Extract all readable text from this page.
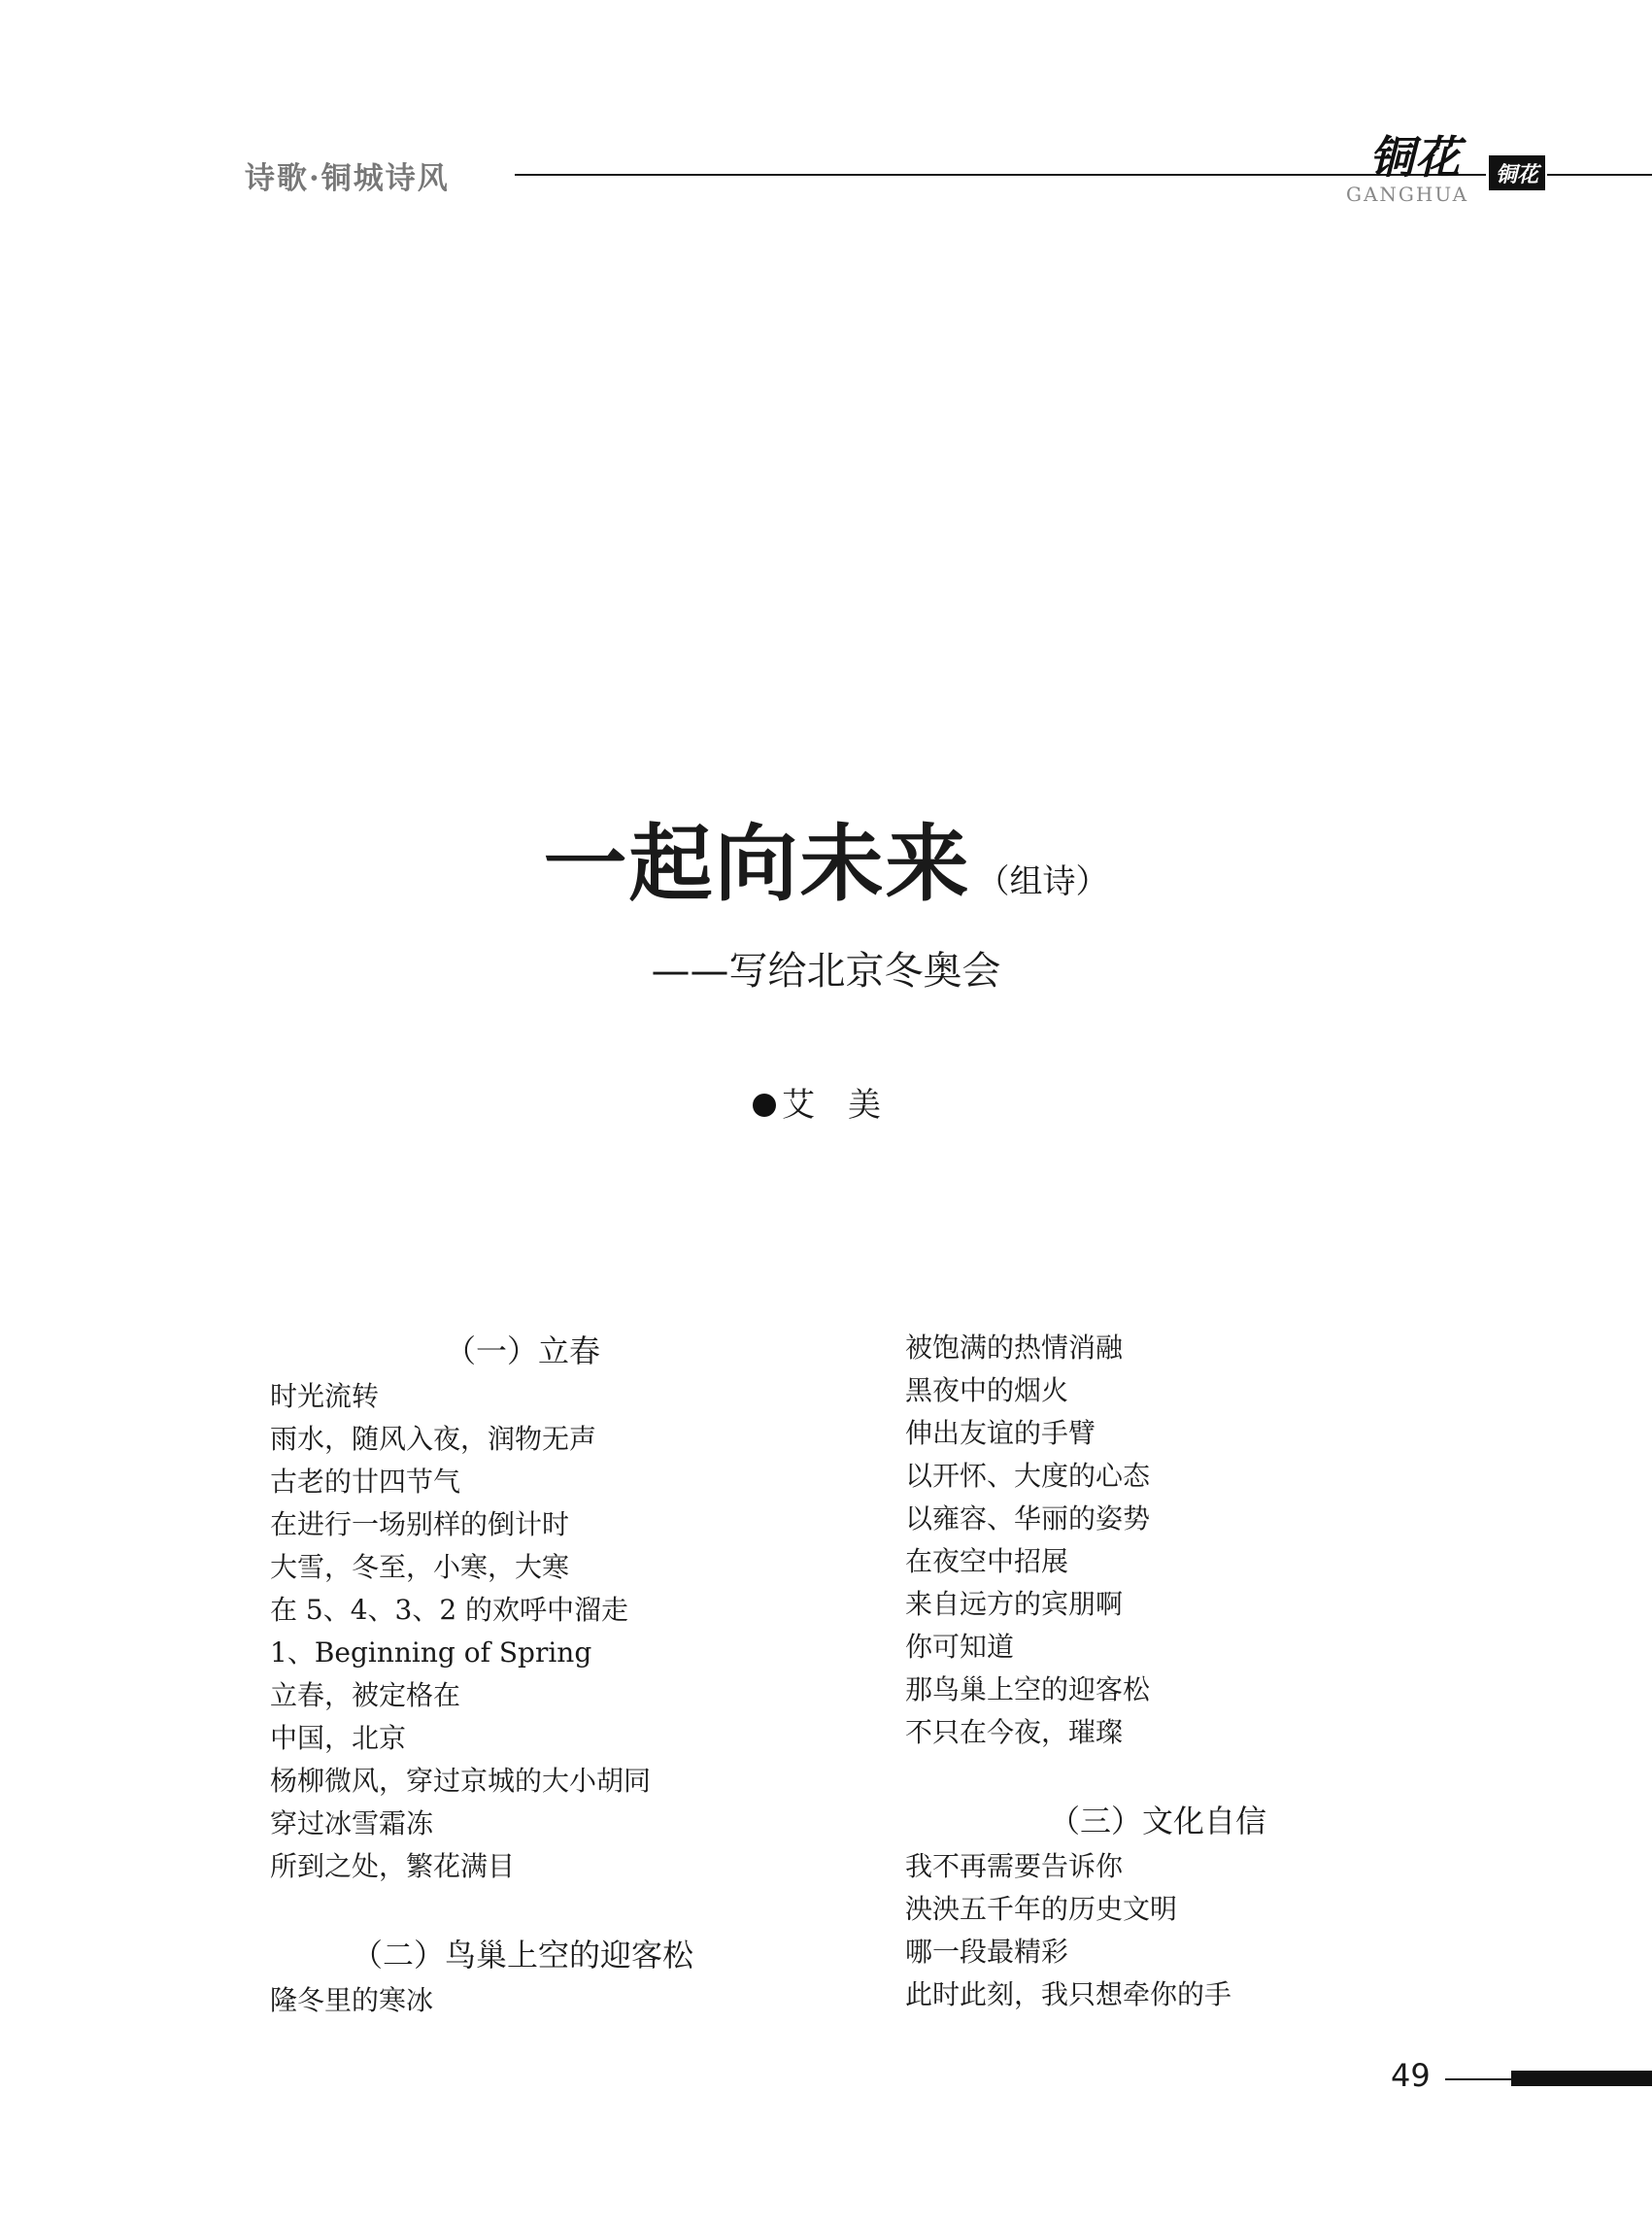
诗歌·铜城诗风	铜花
GANGHUA
铜花
一起向未来 （组诗）
——写给北京冬奥会
艾　美
（一）立春
时光流转
雨水，随风入夜，润物无声
古老的廿四节气
在进行一场别样的倒计时
大雪，冬至，小寒，大寒
在 5、4、3、2 的欢呼中溜走
1、Beginning of Spring
立春，被定格在
中国，北京
杨柳微风，穿过京城的大小胡同
穿过冰雪霜冻
所到之处，繁花满目
（二）鸟巢上空的迎客松
隆冬里的寒冰
被饱满的热情消融
黑夜中的烟火
伸出友谊的手臂
以开怀、大度的心态
以雍容、华丽的姿势
在夜空中招展
来自远方的宾朋啊
你可知道
那鸟巢上空的迎客松
不只在今夜，璀璨
（三）文化自信
我不再需要告诉你
泱泱五千年的历史文明
哪一段最精彩
此时此刻，我只想牵你的手
49
